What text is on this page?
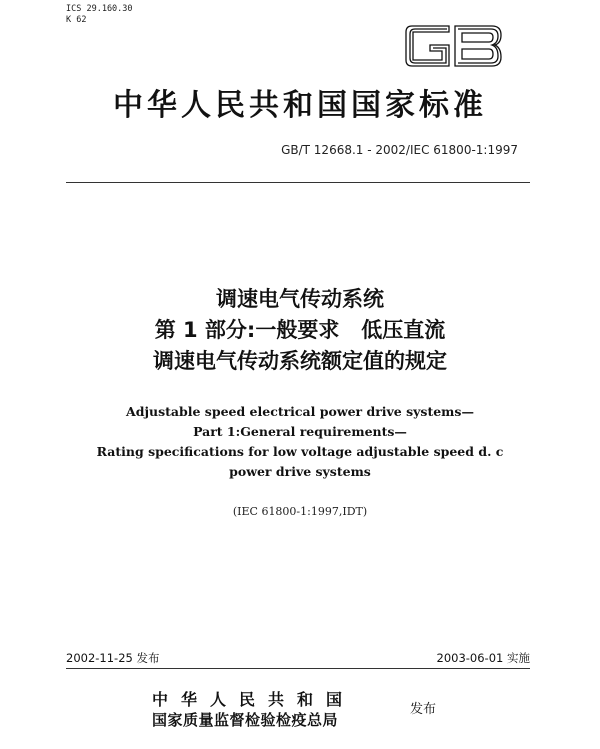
ICS 29.160.30
K 62
中华人民共和国国家标准
GB/T 12668.1 - 2002/IEC 61800-1:1997
调速电气传动系统
第 1 部分:一般要求   低压直流
调速电气传动系统额定值的规定
Adjustable speed electrical power drive systems—
Part 1:General requirements—
Rating specifications for low voltage adjustable speed d. c
power drive systems
(IEC 61800-1:1997,IDT)
2002-11-25 发布	2003-06-01 实施
中华人民共和国
国家质量监督检验检疫总局
发布
